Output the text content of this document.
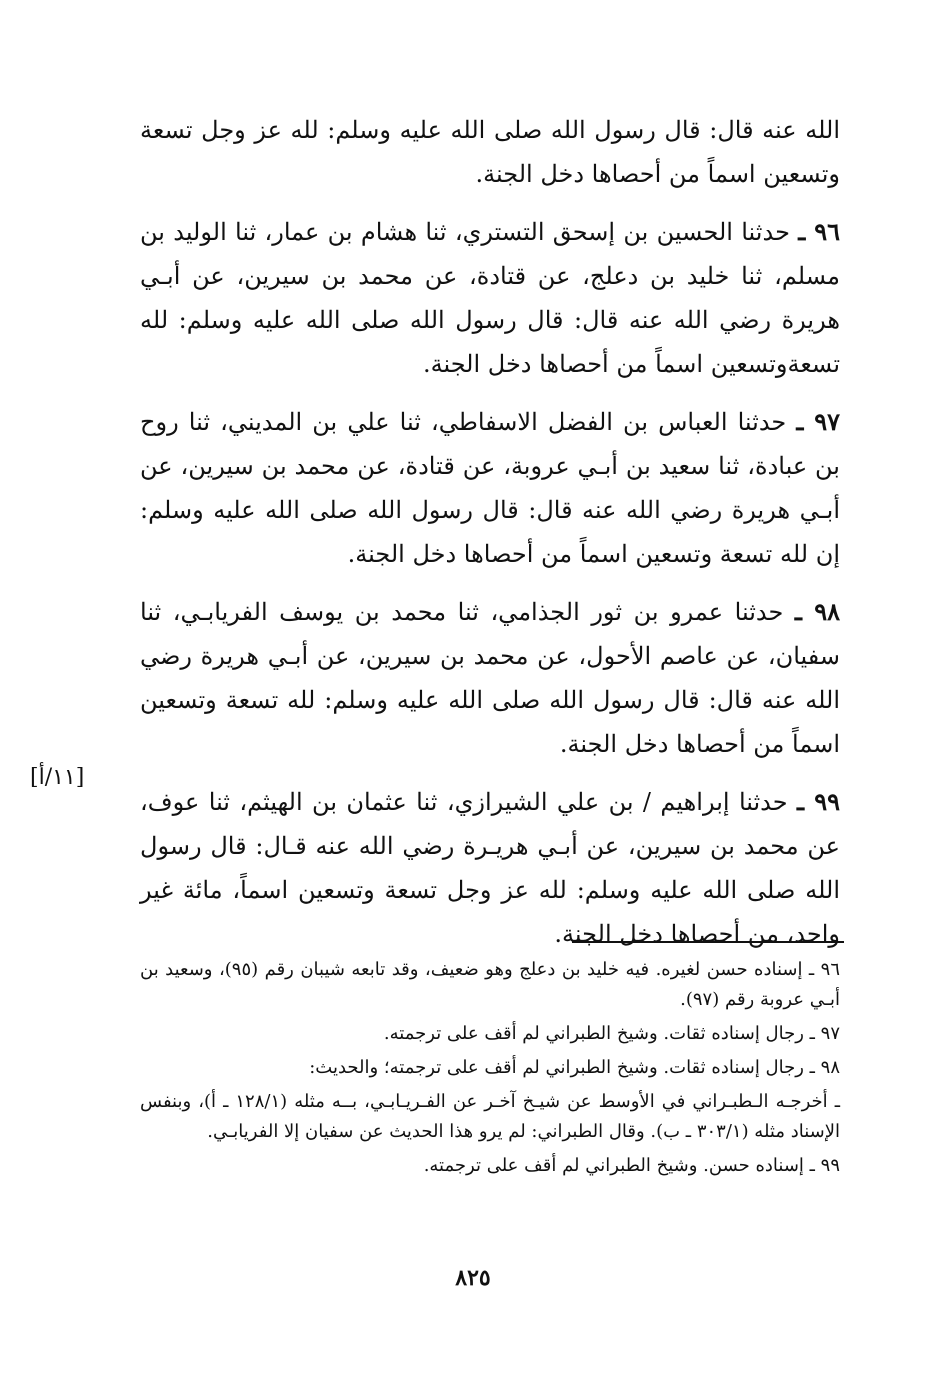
الله عنه قال: قال رسول الله صلى الله عليه وسلم: لله عز وجل تسعة وتسعين اسماً من أحصاها دخل الجنة.

٩٦ ـ حدثنا الحسين بن إسحق التستري، ثنا هشام بن عمار، ثنا الوليد بن مسلم، ثنا خليد بن دعلج، عن قتادة، عن محمد بن سيرين، عن أبـي هريرة رضي الله عنه قال: قال رسول الله صلى الله عليه وسلم: لله تسعةوتسعين اسماً من أحصاها دخل الجنة.

٩٧ ـ حدثنا العباس بن الفضل الاسفاطي، ثنا علي بن المديني، ثنا روح بن عبادة، ثنا سعيد بن أبـي عروبة، عن قتادة، عن محمد بن سيرين، عن أبـي هريرة رضي الله عنه قال: قال رسول الله صلى الله عليه وسلم: إن لله تسعة وتسعين اسماً من أحصاها دخل الجنة.

٩٨ ـ حدثنا عمرو بن ثور الجذامي، ثنا محمد بن يوسف الفريابـي، ثنا سفيان، عن عاصم الأحول، عن محمد بن سيرين، عن أبـي هريرة رضي الله عنه قال: قال رسول الله صلى الله عليه وسلم: لله تسعة وتسعين اسماً من أحصاها دخل الجنة.

٩٩ ـ حدثنا إبراهيم / بن علي الشيرازي، ثنا عثمان بن الهيثم، ثنا عوف، عن محمد بن سيرين، عن أبـي هريـرة رضي الله عنه قـال: قال رسول الله صلى الله عليه وسلم: لله عز وجل تسعة وتسعين اسماً، مائة غير واحد، من أحصاها دخل الجنة.

[١١/أ]

٩٦ ـ إسناده حسن لغيره. فيه خليد بن دعلج وهو ضعيف، وقد تابعه شيبان رقم (٩٥)، وسعيد بن أبـي عروبة رقم (٩٧).

٩٧ ـ رجال إسناده ثقات. وشيخ الطبراني لم أقف على ترجمته.

٩٨ ـ رجال إسناده ثقات. وشيخ الطبراني لم أقف على ترجمته؛ والحديث:

ـ أخرجـه الـطبـراني في الأوسط عن شيـخ آخـر عن الفـريـابـي، بــه مثله (١٢٨/١ ـ أ)، وبنفس الإسناد مثله (٣٠٣/١ ـ ب). وقال الطبراني: لم يرو هذا الحديث عن سفيان إلا الفريابـي.

٩٩ ـ إسناده حسن. وشيخ الطبراني لم أقف على ترجمته.

٨٢٥
